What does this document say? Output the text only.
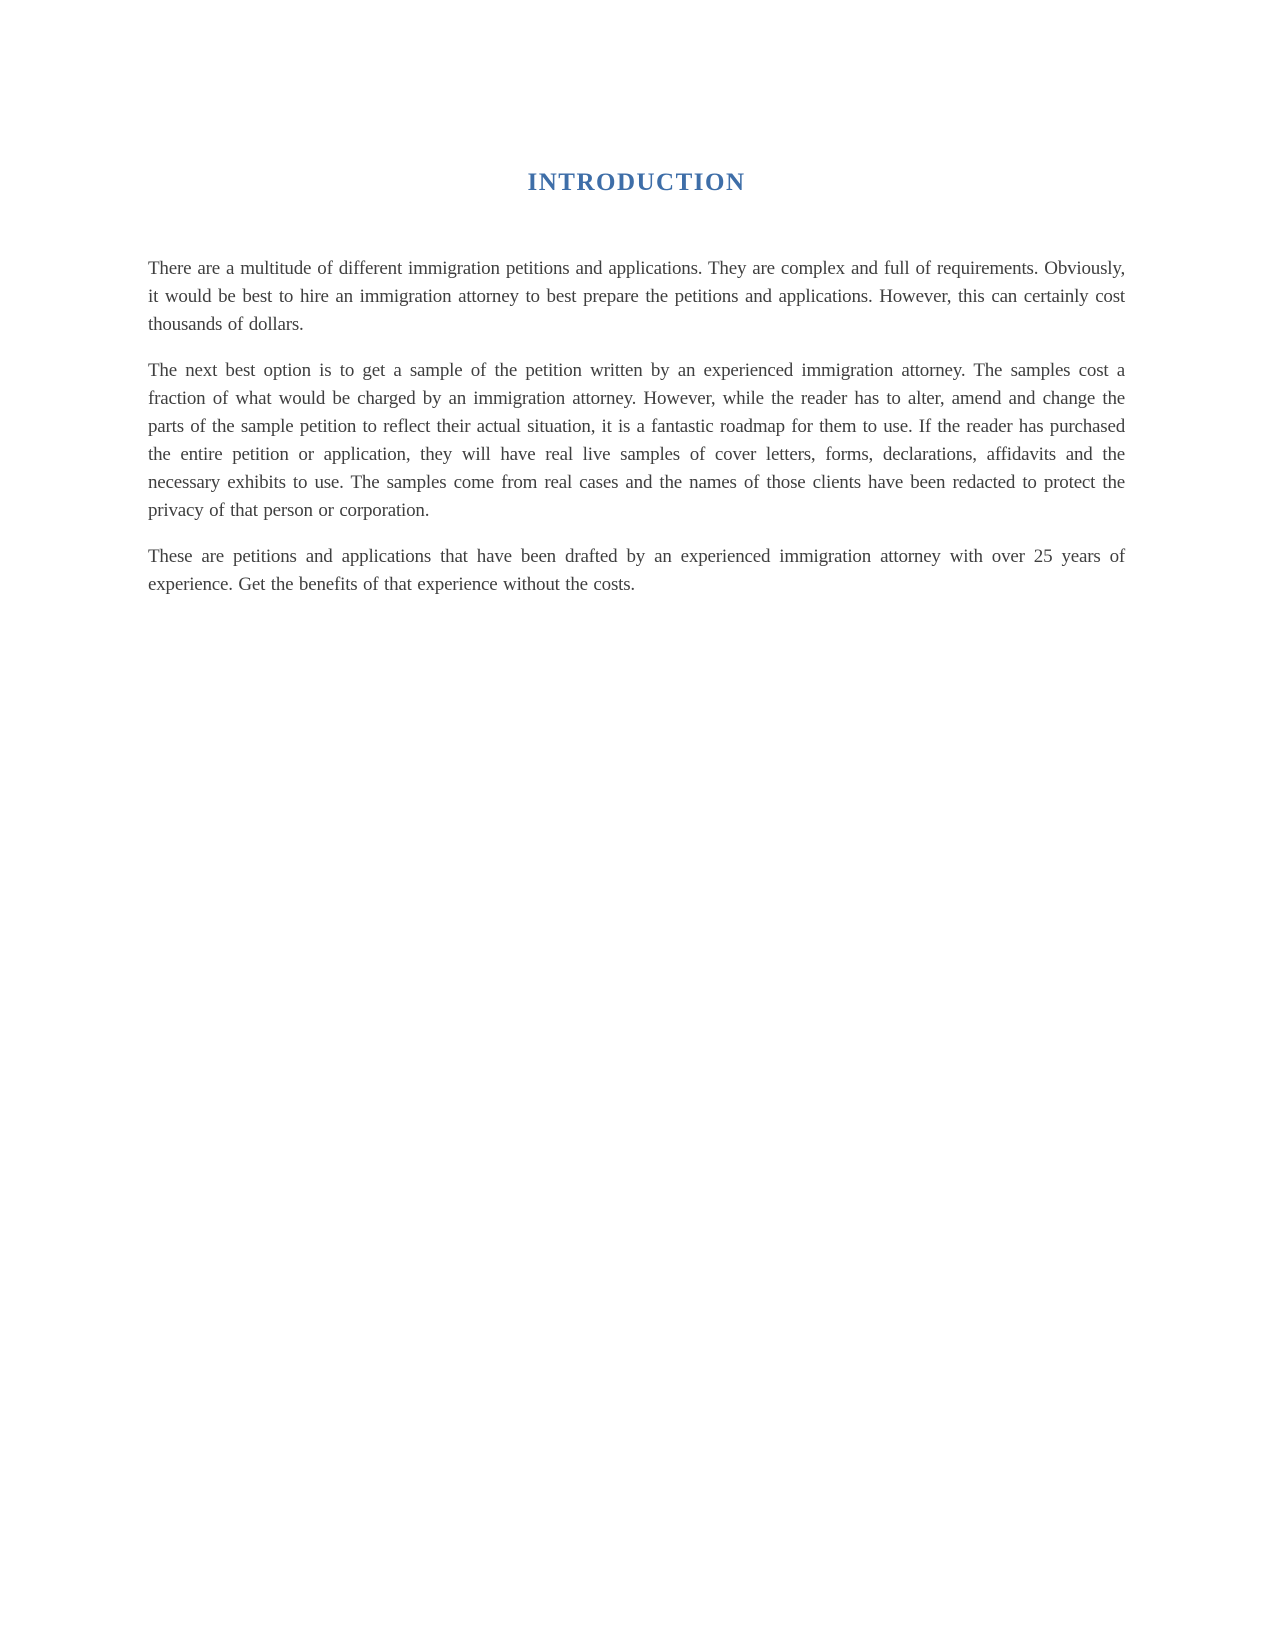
INTRODUCTION

There are a multitude of different immigration petitions and applications. They are complex and full of requirements. Obviously, it would be best to hire an immigration attorney to best prepare the petitions and applications. However, this can certainly cost thousands of dollars.

The next best option is to get a sample of the petition written by an experienced immigration attorney. The samples cost a fraction of what would be charged by an immigration attorney. However, while the reader has to alter, amend and change the parts of the sample petition to reflect their actual situation, it is a fantastic roadmap for them to use. If the reader has purchased the entire petition or application, they will have real live samples of cover letters, forms, declarations, affidavits and the necessary exhibits to use. The samples come from real cases and the names of those clients have been redacted to protect the privacy of that person or corporation.

These are petitions and applications that have been drafted by an experienced immigration attorney with over 25 years of experience. Get the benefits of that experience without the costs.
